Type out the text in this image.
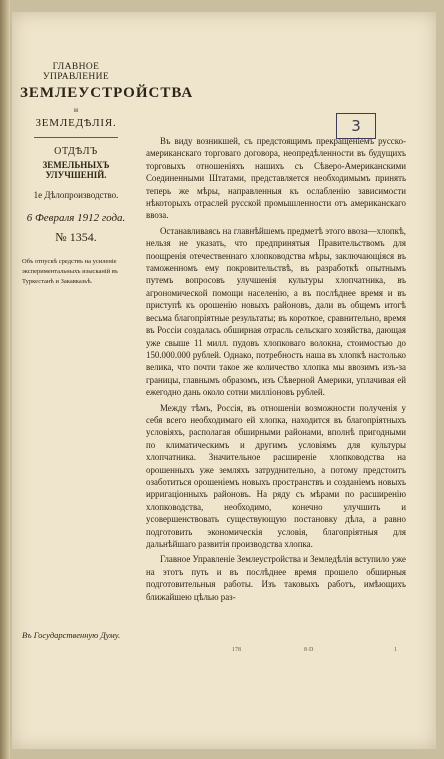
ГЛАВНОЕ УПРАВЛЕНИЕ
ЗЕМЛЕУСТРОЙСТВА
и
ЗЕМЛЕДѢЛІЯ.
ОТДѢЛЪ
ЗЕМЕЛЬНЫХЪ УЛУЧШЕНІЙ.
1е Дѣлопроизводство.
6 Февраля 1912 года.
№ 1354.
Объ отпускѣ средствъ на усиленіе экспериментальныхъ изысканій въ Туркестанѣ и Закавказьѣ.
Въ Государственную Думу.
3

Въ виду возникшей, съ предстоящимъ прекращеніемъ русско-американскаго торговаго договора, неопредѣленности въ будущихъ торговыхъ отношеніяхъ нашихъ съ Сѣверо-Американскими Соединенными Штатами, представляется необходимымъ принять теперь же мѣры, направленныя къ ослабленію зависимости нѣкоторыхъ отраслей русской промышленности отъ американскаго ввоза.

Останавливаясь на главнѣйшемъ предметѣ этого ввоза—хлопкѣ, нельзя не указать, что предпринятыя Правительствомъ для поощренія отечественнаго хлопководства мѣры, заключающіяся въ таможенномъ ему покровительствѣ, въ разработкѣ опытнымъ путемъ вопросовъ улучшенія культуры хлопчатника, въ агрономической помощи населенію, а въ послѣднее время и въ приступѣ къ орошенію новыхъ районовъ, дали въ общемъ итогѣ весьма благопріятные результаты; въ короткое, сравнительно, время въ Россіи создалась обширная отрасль сельскаго хозяйства, дающая уже свыше 11 милл. пудовъ хлопковаго волокна, стоимостью до 150.000.000 рублей. Однако, потребность наша въ хлопкѣ настолько велика, что почти такое же количество хлопка мы ввозимъ изъ-за границы, главнымъ образомъ, изъ Сѣверной Америки, уплачивая ей ежегодно дань около сотни милліоновъ рублей.

Между тѣмъ, Россія, въ отношеніи возможности полученія у себя всего необходимаго ей хлопка, находится въ благопріятныхъ условіяхъ, располагая обширными районами, вполнѣ пригодными по климатическимъ и другимъ условіямъ для культуры хлопчатника. Значительное расширеніе хлопководства на орошенныхъ уже земляхъ затруднительно, а потому предстоитъ озаботиться орошеніемъ новыхъ пространствъ и созданіемъ новыхъ ирригаціонныхъ районовъ. На ряду съ мѣрами по расширенію хлопководства, необходимо, конечно улучшить и усовершенствовать существующую постановку дѣла, а равно подготовить экономическія условія, благопріятныя для дальнѣйшаго развитія производства хлопка.

Главное Управленіе Землеустройства и Земледѣлія вступило уже на этотъ путь и въ послѣднее время прошело обширныя подготовительныя работы. Изъ таковыхъ работъ, имѣющихъ ближайшею цѣлью раз-

178	8·D	1
